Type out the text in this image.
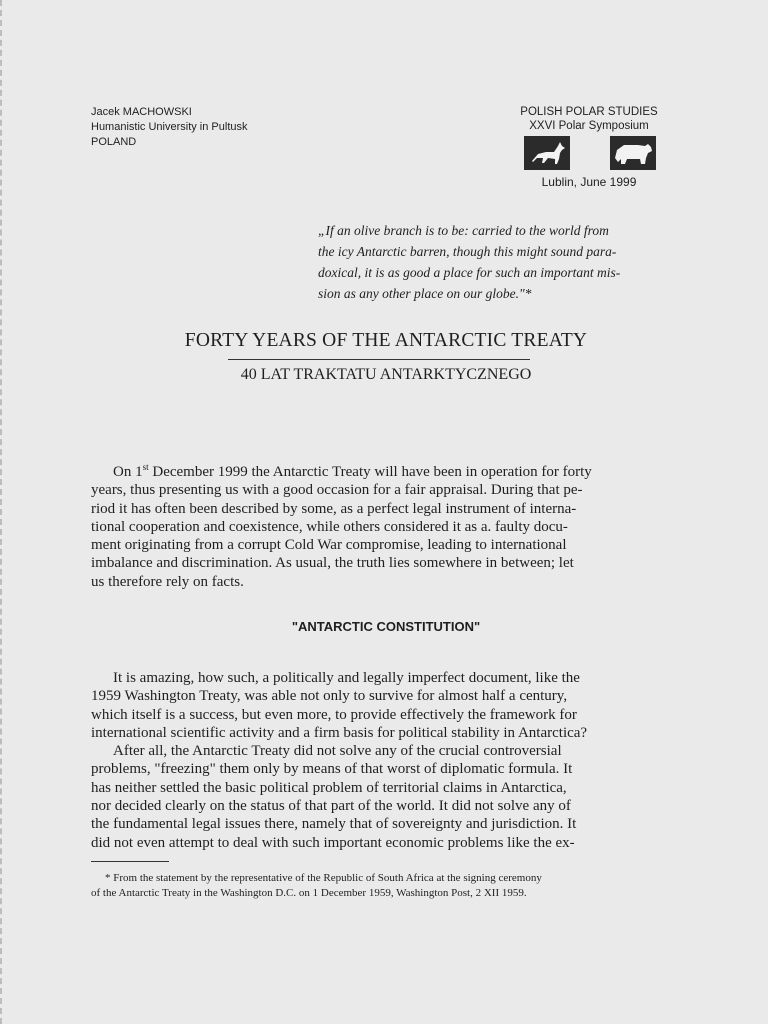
Jacek MACHOWSKI
Humanistic University in Pultusk
POLAND
POLISH POLAR STUDIES
XXVI Polar Symposium
Lublin, June 1999
„If an olive branch is to be: carried to the world from
the icy Antarctic barren, though this might sound para-
doxical, it is as good a place for such an important mis-
sion as any other place on our globe."*
FORTY YEARS OF THE ANTARCTIC TREATY
40 LAT TRAKTATU ANTARKTYCZNEGO
On 1st December 1999 the Antarctic Treaty will have been in operation for forty
years, thus presenting us with a good occasion for a fair appraisal. During that pe-
riod it has often been described by some, as a perfect legal instrument of interna-
tional cooperation and coexistence, while others considered it as a. faulty docu-
ment originating from a corrupt Cold War compromise, leading to international
imbalance and discrimination. As usual, the truth lies somewhere in between; let
us therefore rely on facts.
"ANTARCTIC CONSTITUTION"
It is amazing, how such, a politically and legally imperfect document, like the
1959 Washington Treaty, was able not only to survive for almost half a century,
which itself is a success, but even more, to provide effectively the framework for
international scientific activity and a firm basis for political stability in Antarctica?
After all, the Antarctic Treaty did not solve any of the crucial controversial
problems, "freezing" them only by means of that worst of diplomatic formula. It
has neither settled the basic political problem of territorial claims in Antarctica,
nor decided clearly on the status of that part of the world. It did not solve any of
the fundamental legal issues there, namely that of sovereignty and jurisdiction. It
did not even attempt to deal with such important economic problems like the ex-
* From the statement by the representative of the Republic of South Africa at the signing ceremony
of the Antarctic Treaty in the Washington D.C. on 1 December 1959, Washington Post, 2 XII 1959.
